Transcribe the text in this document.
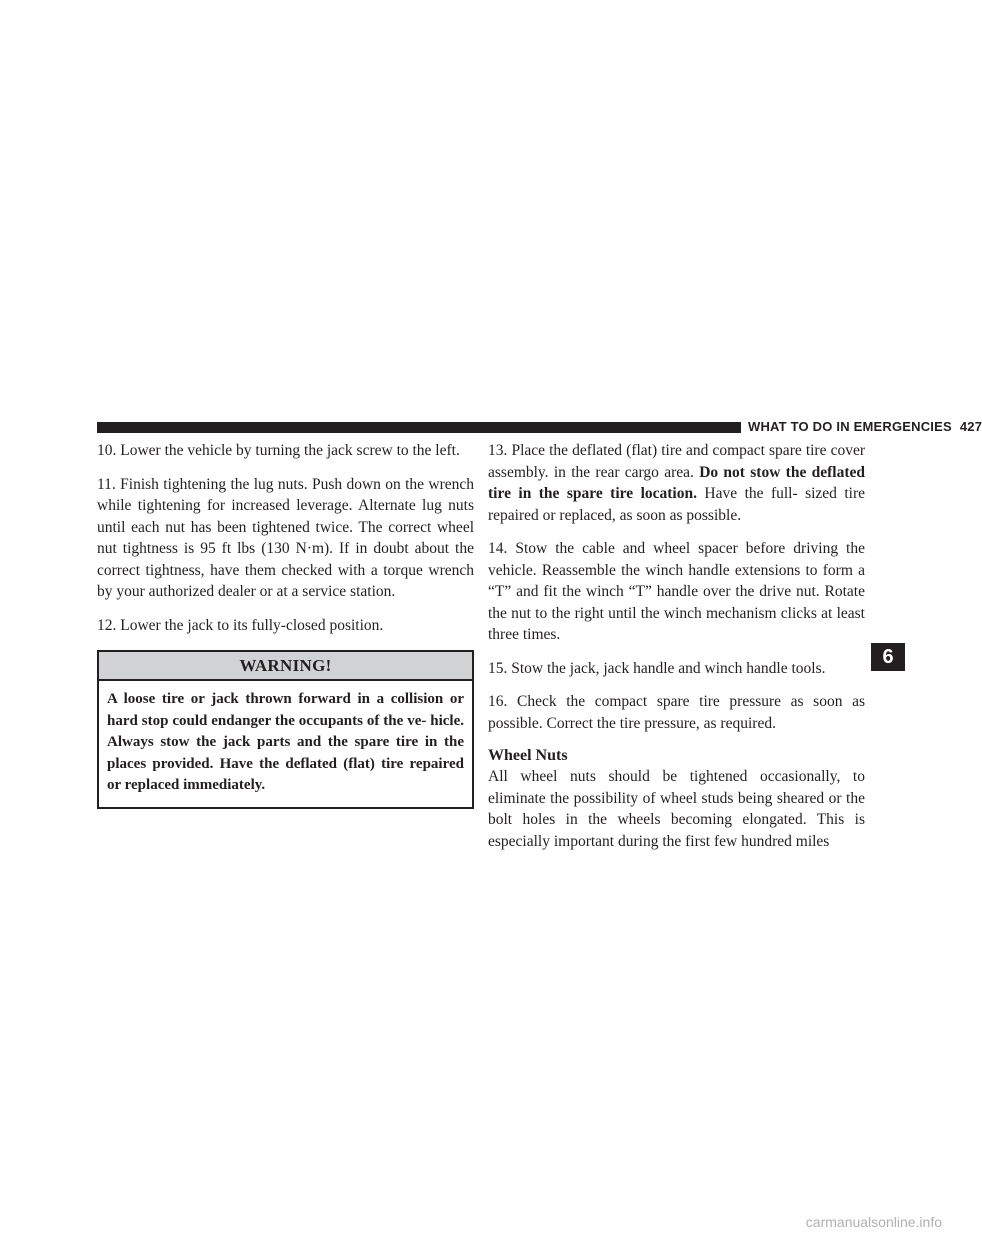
WHAT TO DO IN EMERGENCIES 427

10. Lower the vehicle by turning the jack screw to the left.

11. Finish tightening the lug nuts. Push down on the wrench while tightening for increased leverage. Alternate lug nuts until each nut has been tightened twice. The correct wheel nut tightness is 95 ft lbs (130 N·m). If in doubt about the correct tightness, have them checked with a torque wrench by your authorized dealer or at a service station.

12. Lower the jack to its fully-closed position.

WARNING!
A loose tire or jack thrown forward in a collision or hard stop could endanger the occupants of the ve- hicle. Always stow the jack parts and the spare tire in the places provided. Have the deflated (flat) tire repaired or replaced immediately.

13. Place the deflated (flat) tire and compact spare tire cover assembly. in the rear cargo area. Do not stow the deflated tire in the spare tire location. Have the full- sized tire repaired or replaced, as soon as possible.

14. Stow the cable and wheel spacer before driving the vehicle. Reassemble the winch handle extensions to form a “T” and fit the winch “T” handle over the drive nut. Rotate the nut to the right until the winch mechanism clicks at least three times.

15. Stow the jack, jack handle and winch handle tools.

16. Check the compact spare tire pressure as soon as possible. Correct the tire pressure, as required.

Wheel Nuts

All wheel nuts should be tightened occasionally, to eliminate the possibility of wheel studs being sheared or the bolt holes in the wheels becoming elongated. This is especially important during the first few hundred miles

6
carmanualsonline.info
